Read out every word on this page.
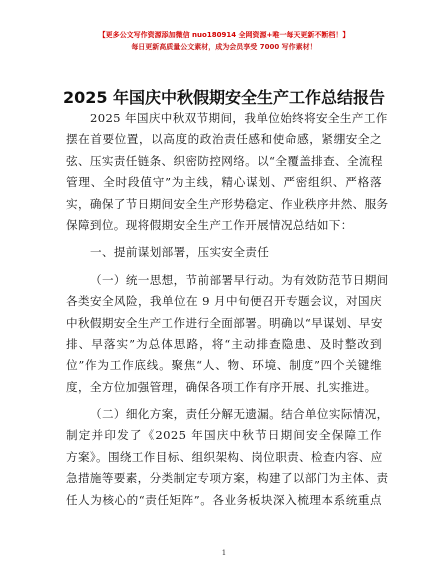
【更多公文写作资源添加微信 nuo180914 全网资源+唯一每天更新不断档！】
每日更新高质量公文素材，成为会员享受 7000 写作素材！
2025 年国庆中秋假期安全生产工作总结报告
2025 年国庆中秋双节期间，我单位始终将安全生产工作
摆在首要位置，以高度的政治责任感和使命感，紧绷安全之
弦、压实责任链条、织密防控网络。以“全覆盖排查、全流程
管理、全时段值守”为主线，精心谋划、严密组织、严格落
实，确保了节日期间安全生产形势稳定、作业秩序井然、服务
保障到位。现将假期安全生产工作开展情况总结如下：
一、提前谋划部署，压实安全责任
（一）统一思想，节前部署早行动。为有效防范节日期间
各类安全风险，我单位在 9 月中旬便召开专题会议，对国庆
中秋假期安全生产工作进行全面部署。明确以“早谋划、早安
排、早落实”为总体思路，将“主动排查隐患、及时整改到
位”作为工作底线。聚焦“人、物、环境、制度”四个关键维
度，全方位加强管理，确保各项工作有序开展、扎实推进。
（二）细化方案，责任分解无遗漏。结合单位实际情况，
制定并印发了《2025 年国庆中秋节日期间安全保障工作
方案》。围绕工作目标、组织架构、岗位职责、检查内容、应
急措施等要素，分类制定专项方案，构建了以部门为主体、责
任人为核心的“责任矩阵”。各业务板块深入梳理本系统重点
1
